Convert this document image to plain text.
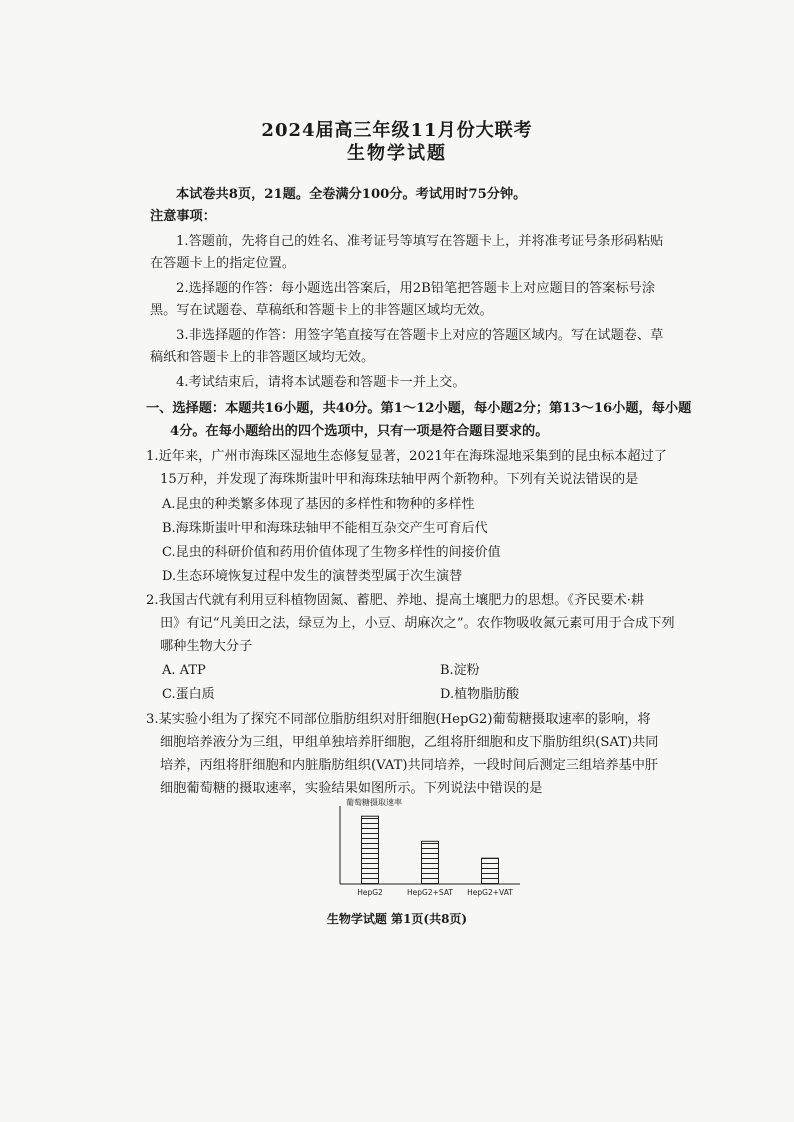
2024届高三年级11月份大联考
生物学试题
本试卷共8页，21题。全卷满分100分。考试用时75分钟。
注意事项：
1.答题前，先将自己的姓名、准考证号等填写在答题卡上，并将准考证号条形码粘贴
在答题卡上的指定位置。
2.选择题的作答：每小题选出答案后，用2B铅笔把答题卡上对应题目的答案标号涂
黑。写在试题卷、草稿纸和答题卡上的非答题区域均无效。
3.非选择题的作答：用签字笔直接写在答题卡上对应的答题区域内。写在试题卷、草
稿纸和答题卡上的非答题区域均无效。
4.考试结束后，请将本试题卷和答题卡一并上交。
一、选择题：本题共16小题，共40分。第1～12小题，每小题2分；第13～16小题，每小题
4分。在每小题给出的四个选项中，只有一项是符合题目要求的。
1.近年来，广州市海珠区湿地生态修复显著，2021年在海珠湿地采集到的昆虫标本超过了
15万种，并发现了海珠斯蚩叶甲和海珠珐轴甲两个新物种。下列有关说法错误的是
A.昆虫的种类繁多体现了基因的多样性和物种的多样性
B.海珠斯蚩叶甲和海珠珐轴甲不能相互杂交产生可育后代
C.昆虫的科研价值和药用价值体现了生物多样性的间接价值
D.生态环境恢复过程中发生的演替类型属于次生演替
2.我国古代就有利用豆科植物固氮、蓄肥、养地、提高土壤肥力的思想。《齐民要术·耕
田》有记“凡美田之法，绿豆为上，小豆、胡麻次之”。农作物吸收氮元素可用于合成下列
哪种生物大分子
A. ATP	B.淀粉
C.蛋白质	D.植物脂肪酸
3.某实验小组为了探究不同部位脂肪组织对肝细胞(HepG2)葡萄糖摄取速率的影响，将
细胞培养液分为三组，甲组单独培养肝细胞，乙组将肝细胞和皮下脂肪组织(SAT)共同
培养，丙组将肝细胞和内脏脂肪组织(VAT)共同培养，一段时间后测定三组培养基中肝
细胞葡萄糖的摄取速率，实验结果如图所示。下列说法中错误的是
葡萄糖摄取速率
HepG2	HepG2+SAT HepG2+VAT
生物学试题 第1页(共8页)
